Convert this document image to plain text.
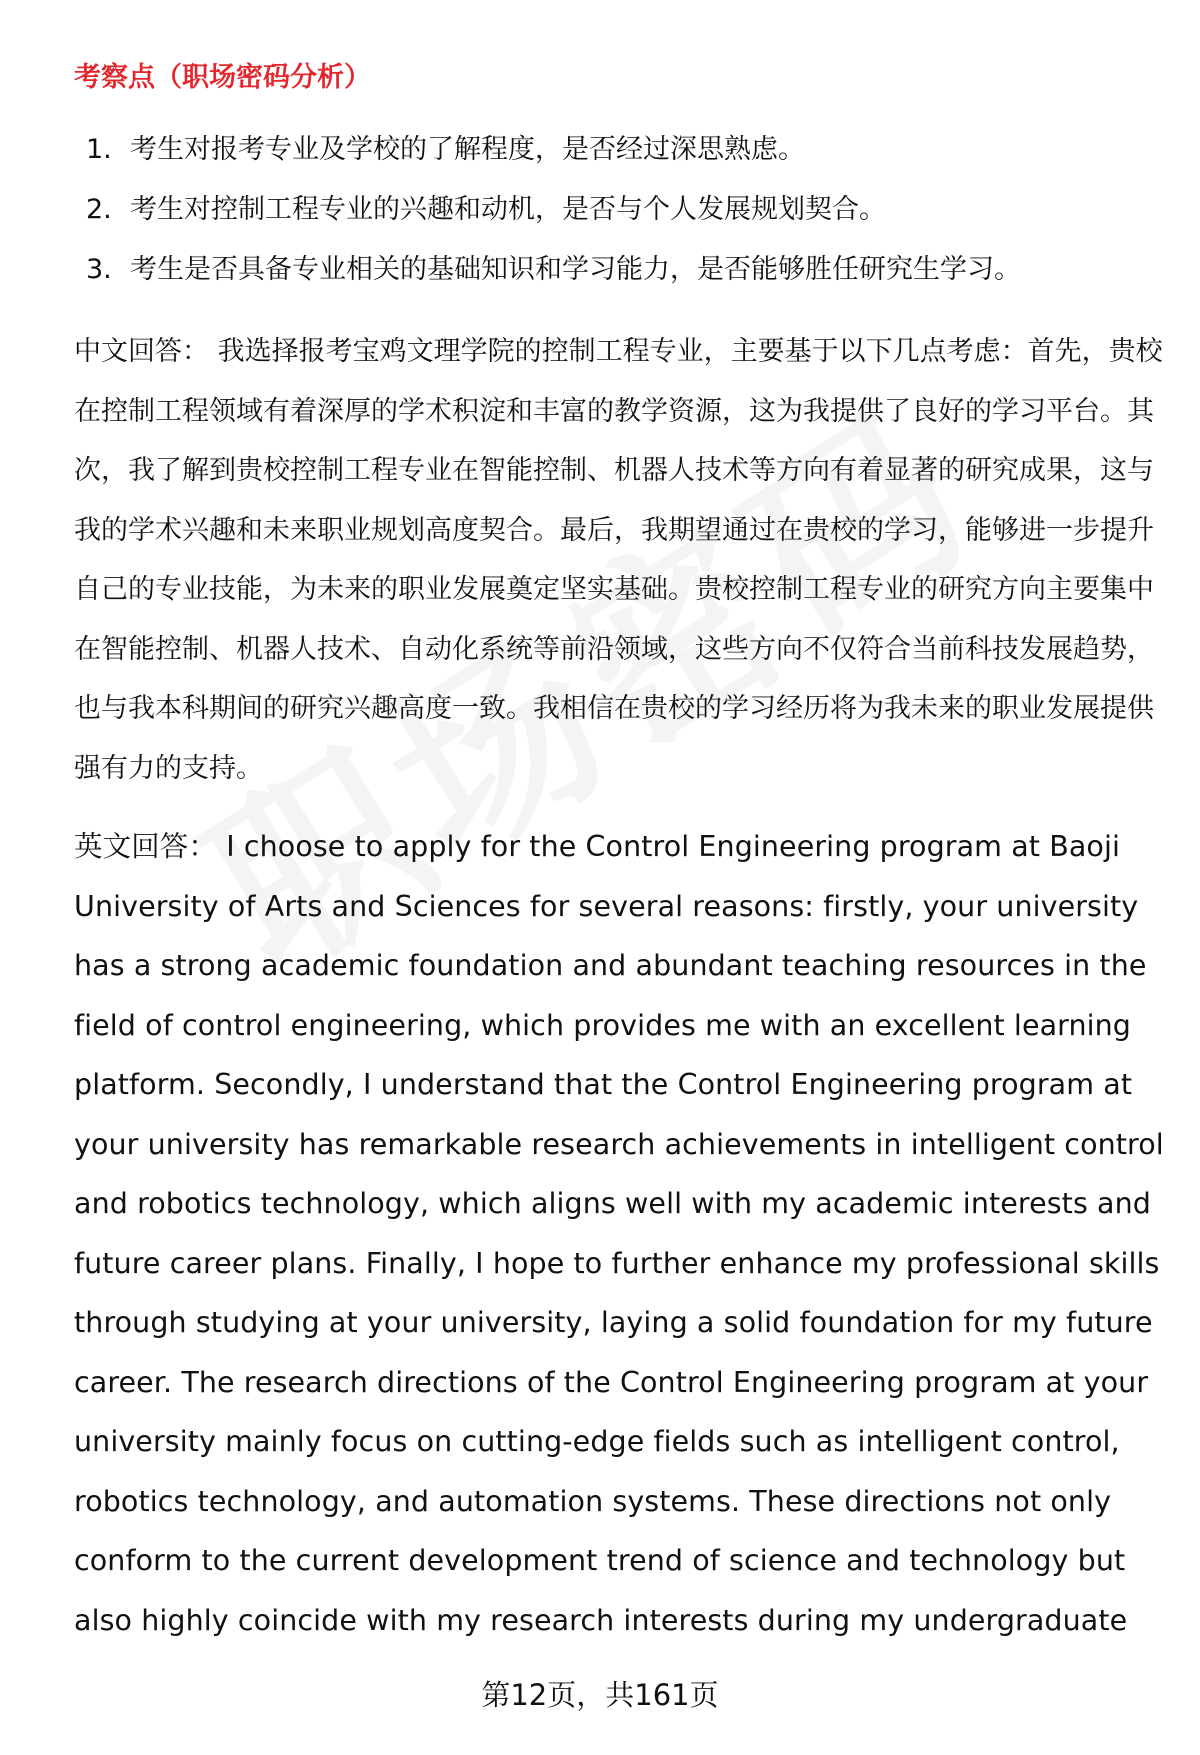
考察点（职场密码分析）
1. 考生对报考专业及学校的了解程度，是否经过深思熟虑。
2. 考生对控制工程专业的兴趣和动机，是否与个人发展规划契合。
3. 考生是否具备专业相关的基础知识和学习能力，是否能够胜任研究生学习。

中文回答： 我选择报考宝鸡文理学院的控制工程专业，主要基于以下几点考虑：首先，贵校在控制工程领域有着深厚的学术积淀和丰富的教学资源，这为我提供了良好的学习平台。其次，我了解到贵校控制工程专业在智能控制、机器人技术等方向有着显著的研究成果，这与我的学术兴趣和未来职业规划高度契合。最后，我期望通过在贵校的学习，能够进一步提升自己的专业技能，为未来的职业发展奠定坚实基础。贵校控制工程专业的研究方向主要集中在智能控制、机器人技术、自动化系统等前沿领域，这些方向不仅符合当前科技发展趋势，也与我本科期间的研究兴趣高度一致。我相信在贵校的学习经历将为我未来的职业发展提供强有力的支持。

英文回答： I choose to apply for the Control Engineering program at Baoji University of Arts and Sciences for several reasons: firstly, your university has a strong academic foundation and abundant teaching resources in the field of control engineering, which provides me with an excellent learning platform. Secondly, I understand that the Control Engineering program at your university has remarkable research achievements in intelligent control and robotics technology, which aligns well with my academic interests and future career plans. Finally, I hope to further enhance my professional skills through studying at your university, laying a solid foundation for my future career. The research directions of the Control Engineering program at your university mainly focus on cutting-edge fields such as intelligent control, robotics technology, and automation systems. These directions not only conform to the current development trend of science and technology but also highly coincide with my research interests during my undergraduate

第12页，共161页
